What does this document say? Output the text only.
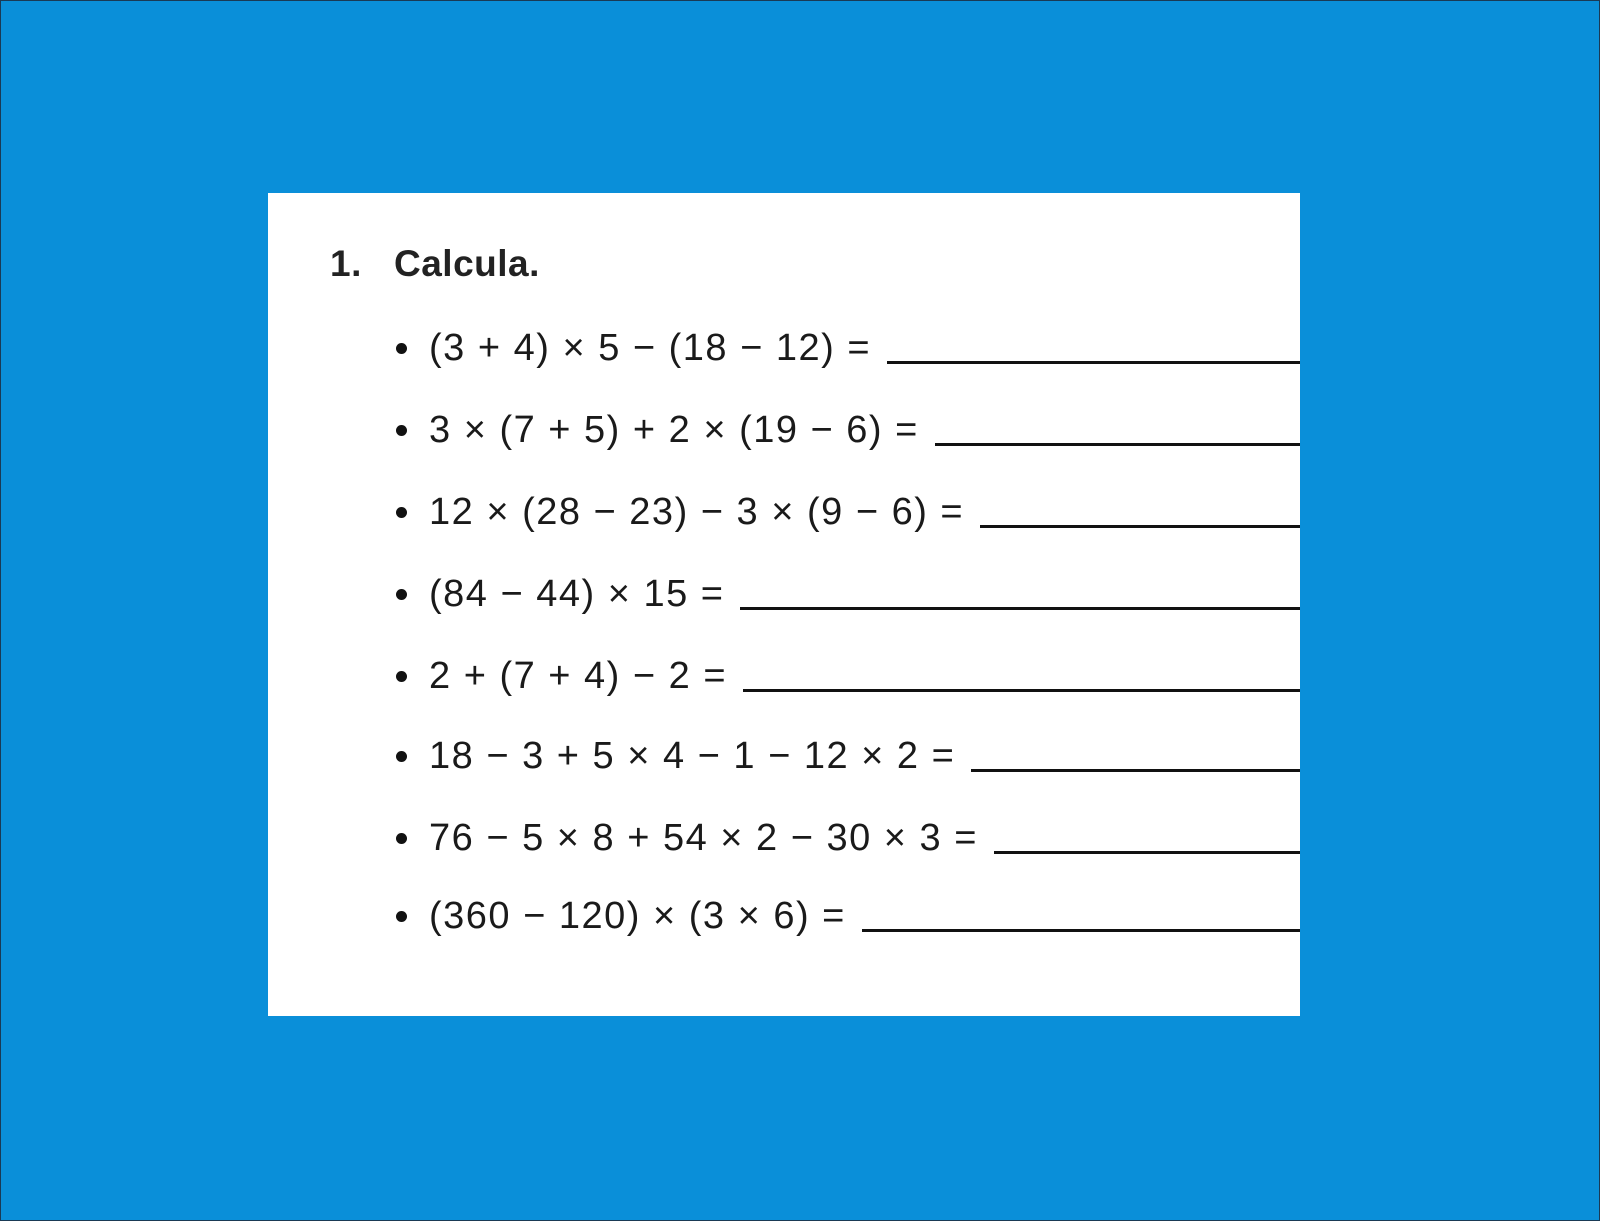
1. Calcula.
(3 + 4) × 5 − (18 − 12) =
3 × (7 + 5) + 2 × (19 − 6) =
12 × (28 − 23) − 3 × (9 − 6) =
(84 − 44) × 15 =
2 + (7 + 4) − 2 =
18 − 3 + 5 × 4 − 1 − 12 × 2 =
76 − 5 × 8 + 54 × 2 − 30 × 3 =
(360 − 120) × (3 × 6) =
